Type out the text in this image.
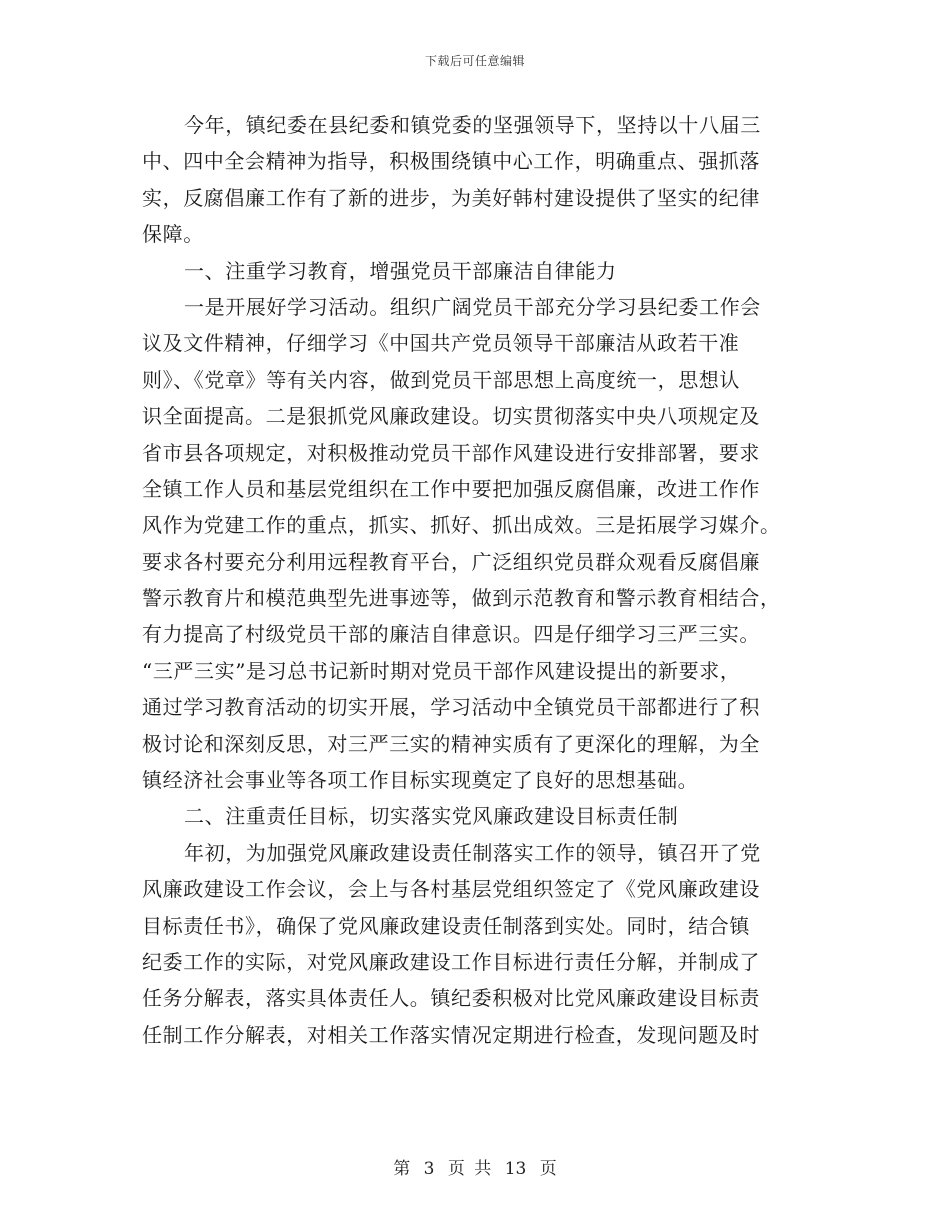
下载后可任意编辑
今年，镇纪委在县纪委和镇党委的坚强领导下，坚持以十八届三
中、四中全会精神为指导，积极围绕镇中心工作，明确重点、强抓落
实，反腐倡廉工作有了新的进步，为美好韩村建设提供了坚实的纪律
保障。
一、注重学习教育，增强党员干部廉洁自律能力
一是开展好学习活动。组织广阔党员干部充分学习县纪委工作会
议及文件精神，仔细学习《中国共产党员领导干部廉洁从政若干准
则》、《党章》等有关内容，做到党员干部思想上高度统一，思想认
识全面提高。二是狠抓党风廉政建设。切实贯彻落实中央八项规定及
省市县各项规定，对积极推动党员干部作风建设进行安排部署，要求
全镇工作人员和基层党组织在工作中要把加强反腐倡廉，改进工作作
风作为党建工作的重点，抓实、抓好、抓出成效。三是拓展学习媒介。
要求各村要充分利用远程教育平台，广泛组织党员群众观看反腐倡廉
警示教育片和模范典型先进事迹等，做到示范教育和警示教育相结合，
有力提高了村级党员干部的廉洁自律意识。四是仔细学习三严三实。
“三严三实”是习总书记新时期对党员干部作风建设提出的新要求，
通过学习教育活动的切实开展，学习活动中全镇党员干部都进行了积
极讨论和深刻反思，对三严三实的精神实质有了更深化的理解，为全
镇经济社会事业等各项工作目标实现奠定了良好的思想基础。
二、注重责任目标，切实落实党风廉政建设目标责任制
年初，为加强党风廉政建设责任制落实工作的领导，镇召开了党
风廉政建设工作会议，会上与各村基层党组织签定了《党风廉政建设
目标责任书》，确保了党风廉政建设责任制落到实处。同时，结合镇
纪委工作的实际，对党风廉政建设工作目标进行责任分解，并制成了
任务分解表，落实具体责任人。镇纪委积极对比党风廉政建设目标责
任制工作分解表，对相关工作落实情况定期进行检查，发现问题及时
第 3 页 共 13 页
